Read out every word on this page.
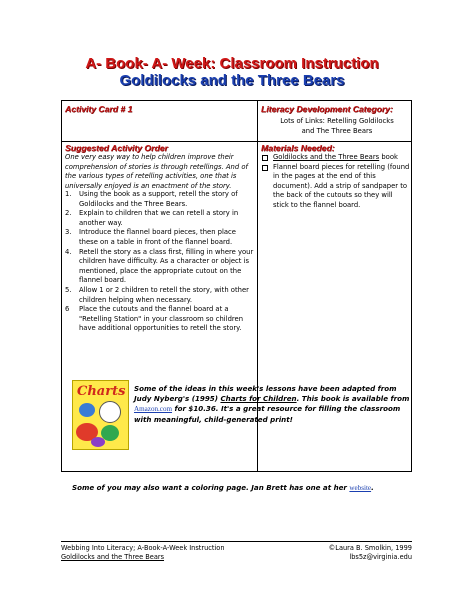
A- Book- A- Week: Classroom Instruction
Goldilocks and the Three Bears
Activity Card # 1	Literacy Development Category:
Lots of Links: Retelling Goldilocks
and The Three Bears
Suggested Activity Order	Materials Needed:
One very easy way to help children improve their comprehension of stories is through retellings. And of the various types of retelling activities, one that is universally enjoyed is an enactment of the story.
1. Using the book as a support, retell the story of Goldilocks and the Three Bears.
2. Explain to children that we can retell a story in another way.
3. Introduce the flannel board pieces, then place these on a table in front of the flannel board.
4. Retell the story as a class first, filling in where your children have difficulty. As a character or object is mentioned, place the appropriate cutout on the flannel board.
5. Allow 1 or 2 children to retell the story, with other children helping when necessary.
6 Place the cutouts and the flannel board at a "Retelling Station" in your classroom so children have additional opportunities to retell the story.
Goldilocks and the Three Bears book
Flannel board pieces for retelling (found in the pages at the end of this document). Add a strip of sandpaper to the back of the cutouts so they will stick to the flannel board.
Charts Some of the ideas in this week's lessons have been adapted from Judy Nyberg's (1995) Charts for Children. This book is available from Amazon.com for $10.36. It's a great resource for filling the classroom with meaningful, child-generated print!
Some of you may also want a coloring page. Jan Brett has one at her website.
Webbing Into Literacy; A-Book-A-Week Instruction
Goldilocks and the Three Bears
©Laura B. Smolkin, 1999
lbs5z@virginia.edu
